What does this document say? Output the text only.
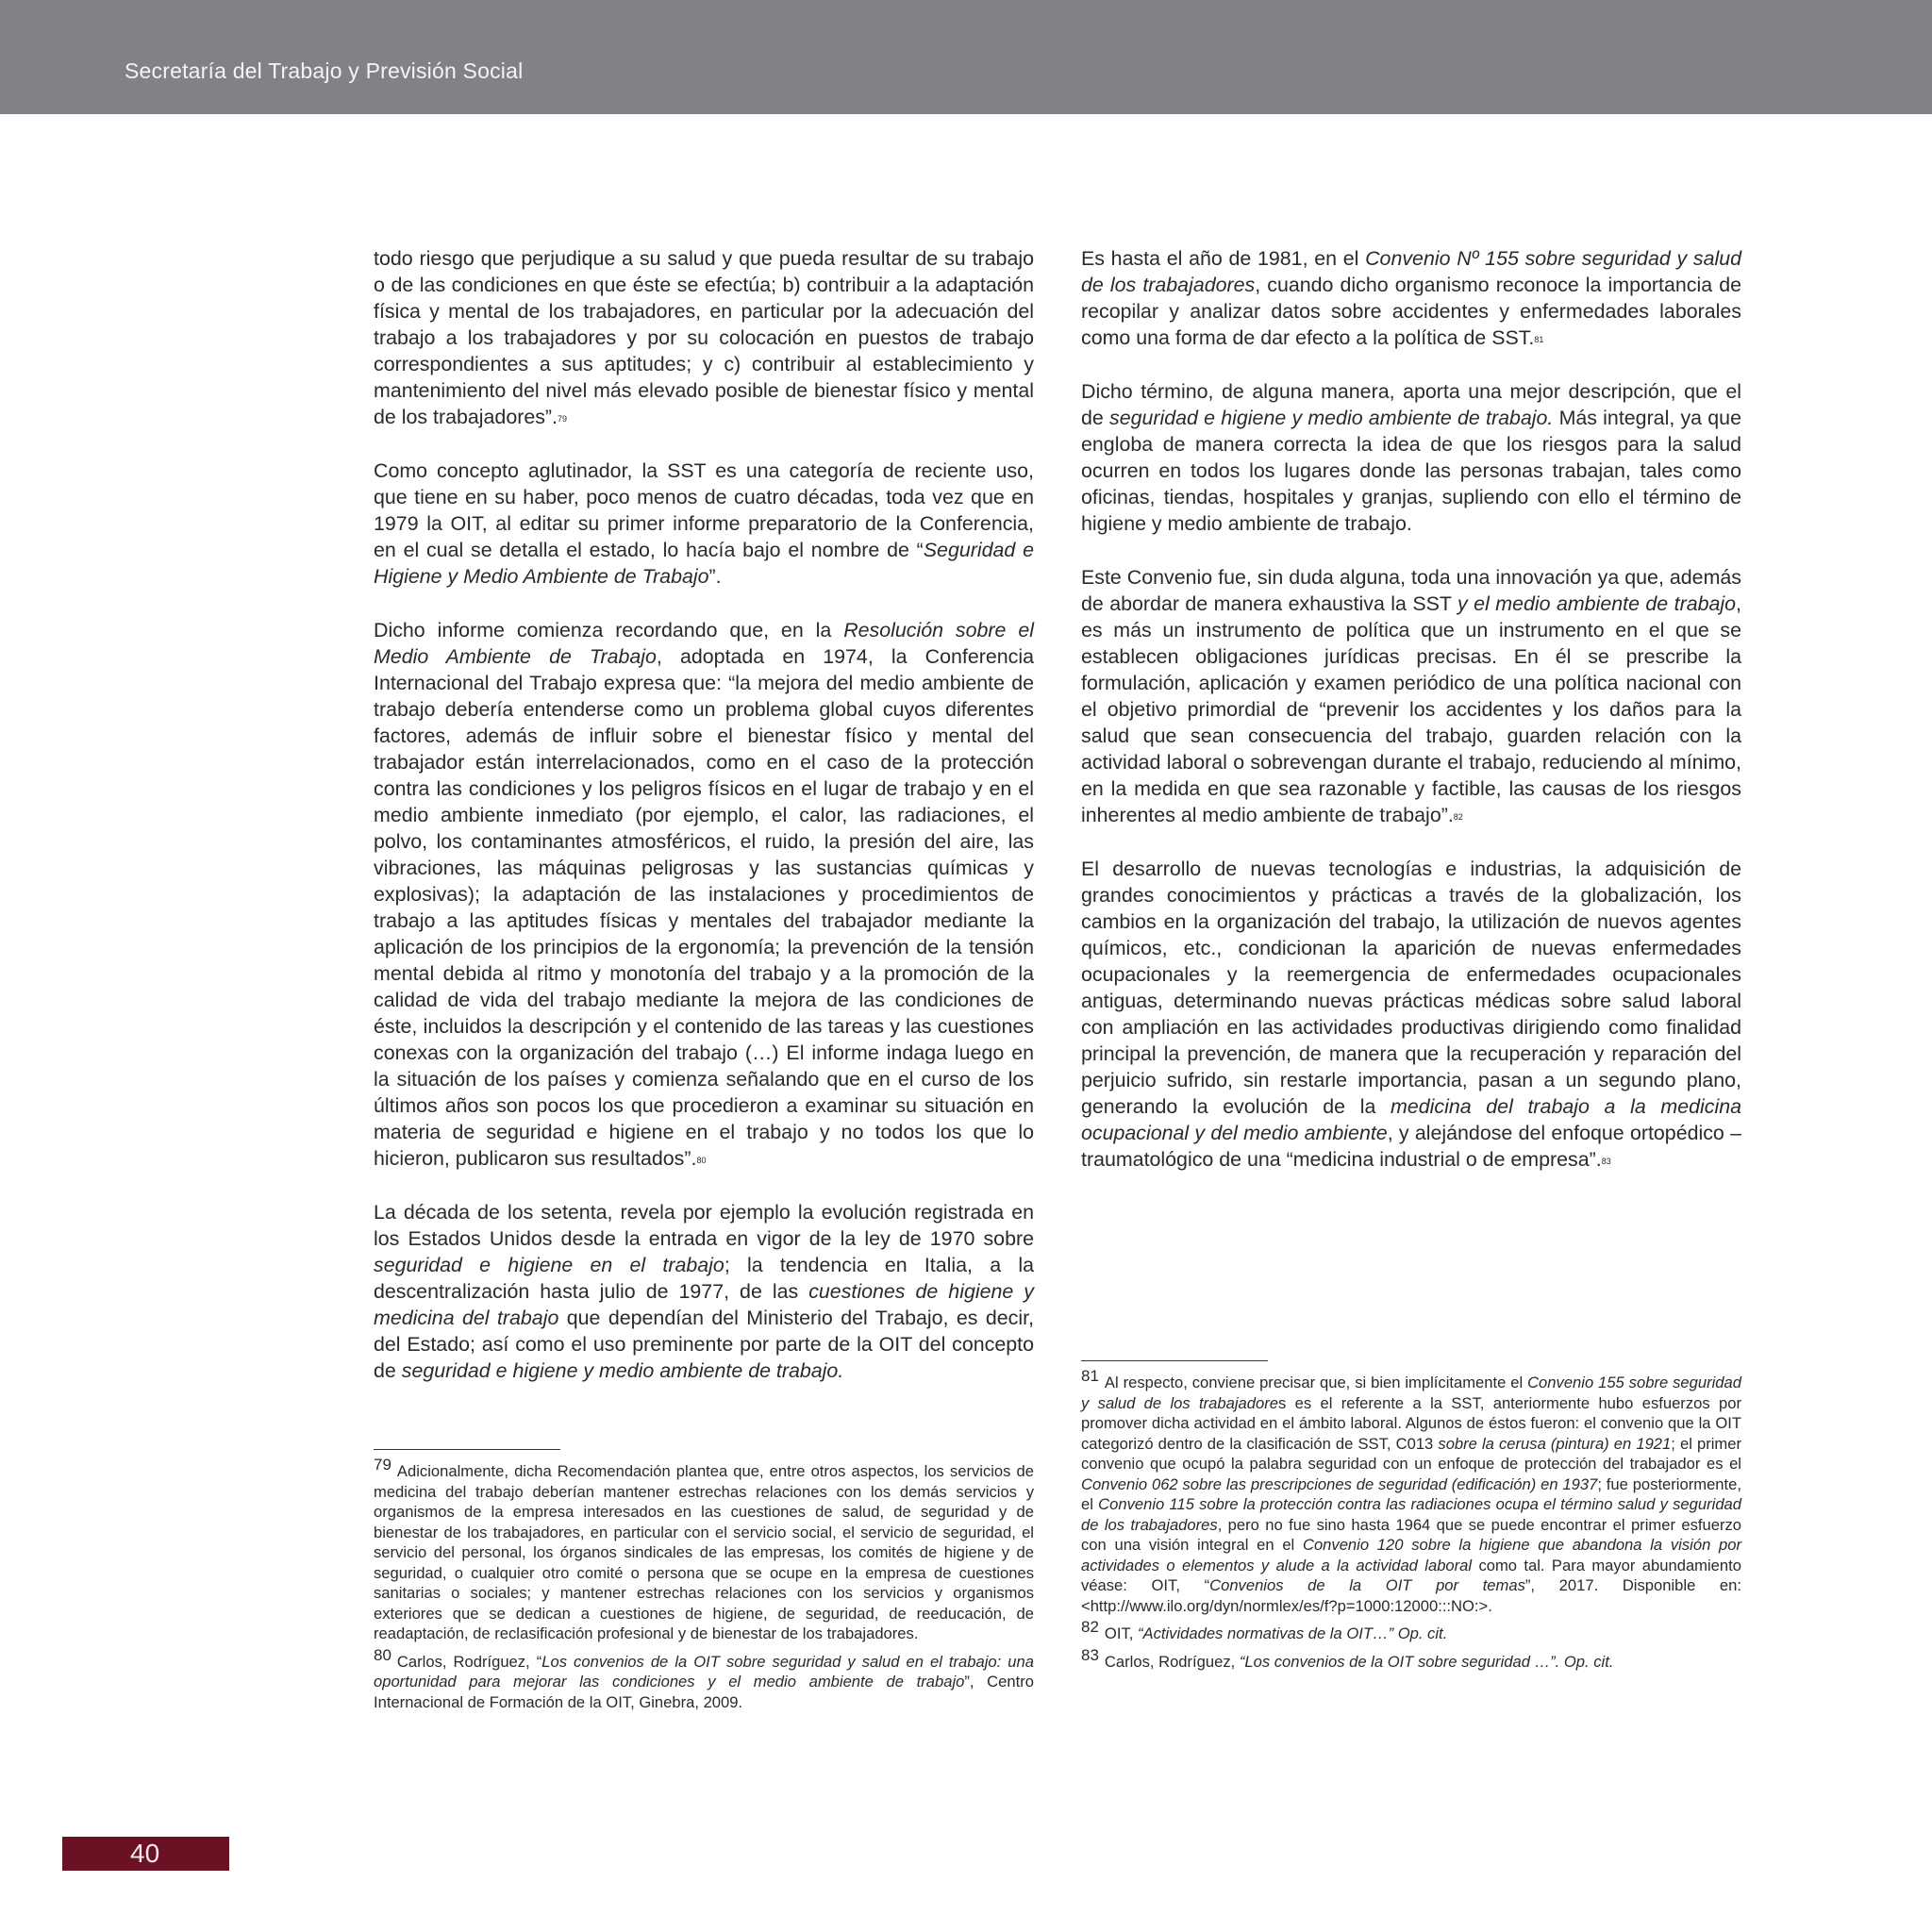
Secretaría del Trabajo y Previsión Social

todo riesgo que perjudique a su salud y que pueda resultar de su trabajo o de las condiciones en que éste se efectúa; b) contribuir a la adaptación física y mental de los trabajadores, en particular por la adecuación del trabajo a los trabajadores y por su colocación en puestos de trabajo correspondientes a sus aptitudes; y c) contribuir al establecimiento y mantenimiento del nivel más elevado posible de bienestar físico y mental de los trabajadores”.$^{79}$

Como concepto aglutinador, la SST es una categoría de reciente uso, que tiene en su haber, poco menos de cuatro décadas, toda vez que en 1979 la OIT, al editar su primer informe preparatorio de la Conferencia, en el cual se detalla el estado, lo hacía bajo el nombre de “Seguridad e Higiene y Medio Ambiente de Trabajo”.

Dicho informe comienza recordando que, en la Resolución sobre el Medio Ambiente de Trabajo, adoptada en 1974, la Conferencia Internacional del Trabajo expresa que: “la mejora del medio ambiente de trabajo debería entenderse como un problema global cuyos diferentes factores, además de influir sobre el bienestar físico y mental del trabajador están interrelacionados, como en el caso de la protección contra las condiciones y los peligros físicos en el lugar de trabajo y en el medio ambiente inmediato (por ejemplo, el calor, las radiaciones, el polvo, los contaminantes atmosféricos, el ruido, la presión del aire, las vibraciones, las máquinas peligrosas y las sustancias químicas y explosivas); la adaptación de las instalaciones y procedimientos de trabajo a las aptitudes físicas y mentales del trabajador mediante la aplicación de los principios de la ergonomía; la prevención de la tensión mental debida al ritmo y monotonía del trabajo y a la promoción de la calidad de vida del trabajo mediante la mejora de las condiciones de éste, incluidos la descripción y el contenido de las tareas y las cuestiones conexas con la organización del trabajo (…) El informe indaga luego en la situación de los países y comienza señalando que en el curso de los últimos años son pocos los que procedieron a examinar su situación en materia de seguridad e higiene en el trabajo y no todos los que lo hicieron, publicaron sus resultados”.$^{80}$

La década de los setenta, revela por ejemplo la evolución registrada en los Estados Unidos desde la entrada en vigor de la ley de 1970 sobre seguridad e higiene en el trabajo; la tendencia en Italia, a la descentralización hasta julio de 1977, de las cuestiones de higiene y medicina del trabajo que dependían del Ministerio del Trabajo, es decir, del Estado; así como el uso preminente por parte de la OIT del concepto de seguridad e higiene y medio ambiente de trabajo.

Es hasta el año de 1981, en el Convenio Nº 155 sobre seguridad y salud de los trabajadores, cuando dicho organismo reconoce la importancia de recopilar y analizar datos sobre accidentes y enfermedades laborales como una forma de dar efecto a la política de SST.$^{81}$

Dicho término, de alguna manera, aporta una mejor descripción, que el de seguridad e higiene y medio ambiente de trabajo. Más integral, ya que engloba de manera correcta la idea de que los riesgos para la salud ocurren en todos los lugares donde las personas trabajan, tales como oficinas, tiendas, hospitales y granjas, supliendo con ello el término de higiene y medio ambiente de trabajo.

Este Convenio fue, sin duda alguna, toda una innovación ya que, además de abordar de manera exhaustiva la SST y el medio ambiente de trabajo, es más un instrumento de política que un instrumento en el que se establecen obligaciones jurídicas precisas. En él se prescribe la formulación, aplicación y examen periódico de una política nacional con el objetivo primordial de “prevenir los accidentes y los daños para la salud que sean consecuencia del trabajo, guarden relación con la actividad laboral o sobrevengan durante el trabajo, reduciendo al mínimo, en la medida en que sea razonable y factible, las causas de los riesgos inherentes al medio ambiente de trabajo”.$^{82}$

El desarrollo de nuevas tecnologías e industrias, la adquisición de grandes conocimientos y prácticas a través de la globalización, los cambios en la organización del trabajo, la utilización de nuevos agentes químicos, etc., condicionan la aparición de nuevas enfermedades ocupacionales y la reemergencia de enfermedades ocupacionales antiguas, determinando nuevas prácticas médicas sobre salud laboral con ampliación en las actividades productivas dirigiendo como finalidad principal la prevención, de manera que la recuperación y reparación del perjuicio sufrido, sin restarle importancia, pasan a un segundo plano, generando la evolución de la medicina del trabajo a la medicina ocupacional y del medio ambiente, y alejándose del enfoque ortopédico – traumatológico de una “medicina industrial o de empresa”.$^{83}$

79 Adicionalmente, dicha Recomendación plantea que, entre otros aspectos, los servicios de medicina del trabajo deberían mantener estrechas relaciones con los demás servicios y organismos de la empresa interesados en las cuestiones de salud, de seguridad y de bienestar de los trabajadores, en particular con el servicio social, el servicio de seguridad, el servicio del personal, los órganos sindicales de las empresas, los comités de higiene y de seguridad, o cualquier otro comité o persona que se ocupe en la empresa de cuestiones sanitarias o sociales; y mantener estrechas relaciones con los servicios y organismos exteriores que se dedican a cuestiones de higiene, de seguridad, de reeducación, de readaptación, de reclasificación profesional y de bienestar de los trabajadores.

80 Carlos, Rodríguez, “Los convenios de la OIT sobre seguridad y salud en el trabajo: una oportunidad para mejorar las condiciones y el medio ambiente de trabajo”, Centro Internacional de Formación de la OIT, Ginebra, 2009.

81 Al respecto, conviene precisar que, si bien implícitamente el Convenio 155 sobre seguridad y salud de los trabajadores es el referente a la SST, anteriormente hubo esfuerzos por promover dicha actividad en el ámbito laboral. Algunos de éstos fueron: el convenio que la OIT categorizó dentro de la clasificación de SST, C013 sobre la cerusa (pintura) en 1921; el primer convenio que ocupó la palabra seguridad con un enfoque de protección del trabajador es el Convenio 062 sobre las prescripciones de seguridad (edificación) en 1937; fue posteriormente, el Convenio 115 sobre la protección contra las radiaciones ocupa el término salud y seguridad de los trabajadores, pero no fue sino hasta 1964 que se puede encontrar el primer esfuerzo con una visión integral en el Convenio 120 sobre la higiene que abandona la visión por actividades o elementos y alude a la actividad laboral como tal. Para mayor abundamiento véase: OIT, “Convenios de la OIT por temas”, 2017. Disponible en: <http://www.ilo.org/dyn/normlex/es/f?p=1000:12000:::NO:>.

82 OIT, “Actividades normativas de la OIT…” Op. cit.

83 Carlos, Rodríguez, “Los convenios de la OIT sobre seguridad …”. Op. cit.

40
